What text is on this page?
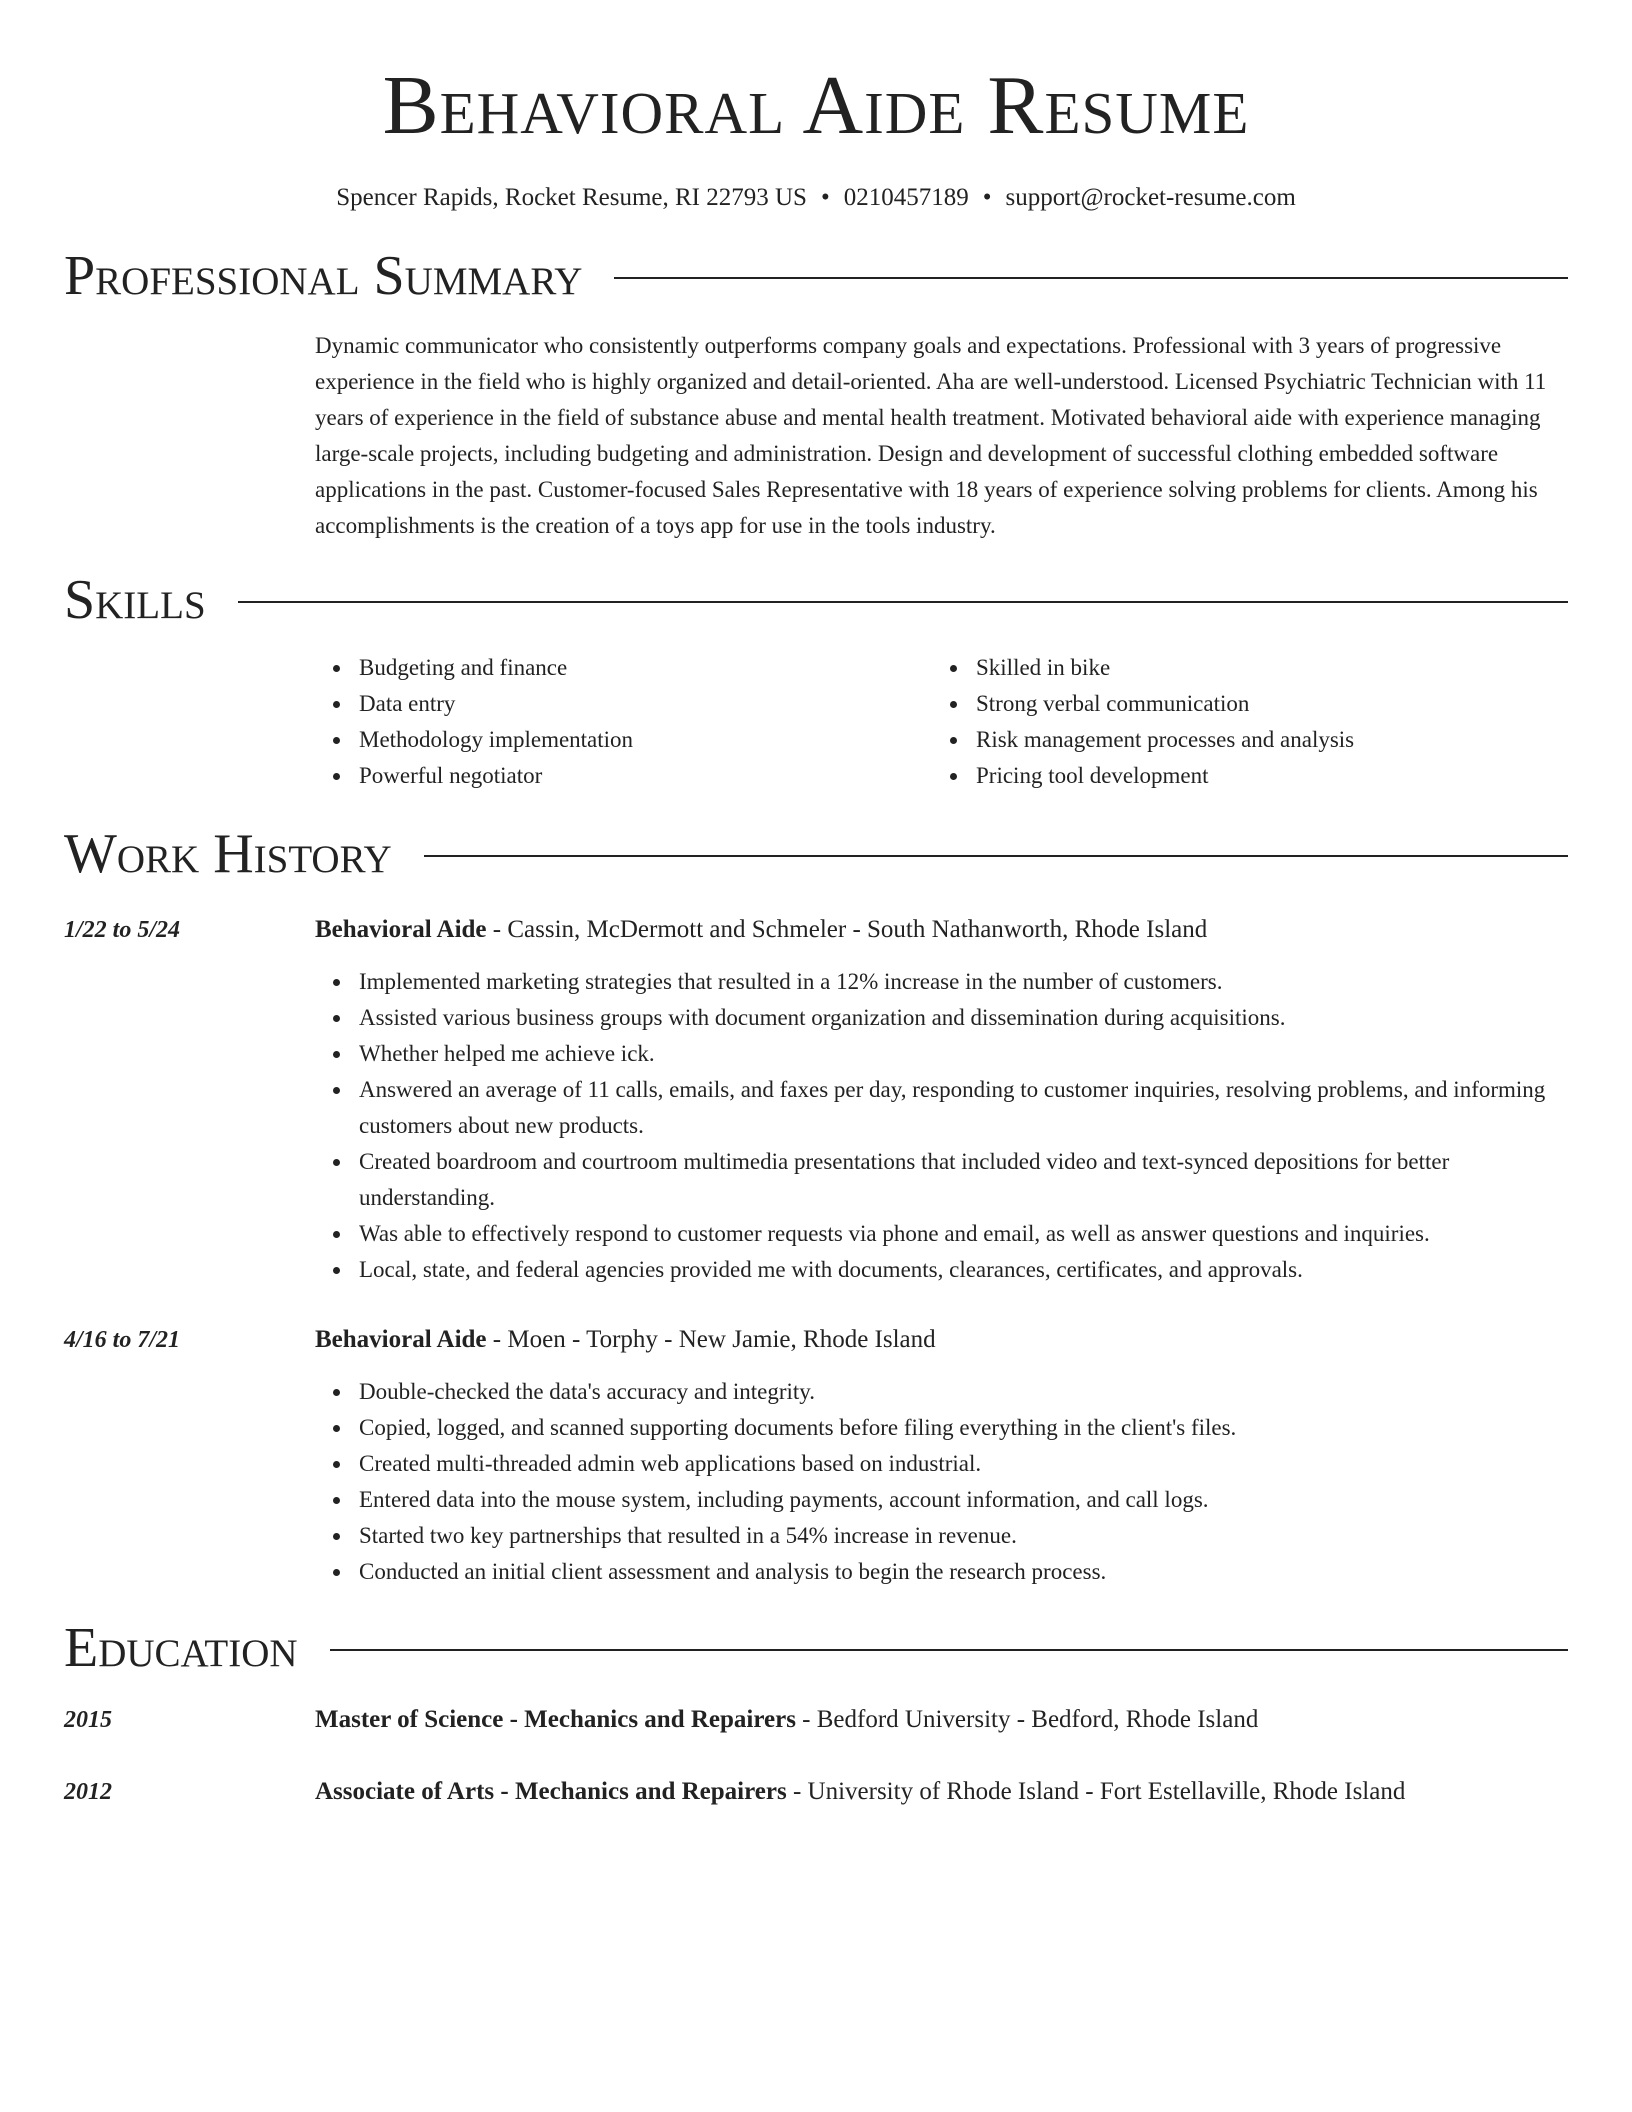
Behavioral Aide Resume
Spencer Rapids, Rocket Resume, RI 22793 US • 0210457189 • support@rocket-resume.com
Professional Summary

Dynamic communicator who consistently outperforms company goals and expectations. Professional with 3 years of progressive experience in the field who is highly organized and detail-oriented. Aha are well-understood. Licensed Psychiatric Technician with 11 years of experience in the field of substance abuse and mental health treatment. Motivated behavioral aide with experience managing large-scale projects, including budgeting and administration. Design and development of successful clothing embedded software applications in the past. Customer-focused Sales Representative with 18 years of experience solving problems for clients. Among his accomplishments is the creation of a toys app for use in the tools industry.

Skills
Budgeting and finance
Data entry
Methodology implementation
Powerful negotiator
Skilled in bike
Strong verbal communication
Risk management processes and analysis
Pricing tool development
Work History
1/22 to 5/24	Behavioral Aide - Cassin, McDermott and Schmeler - South Nathanworth, Rhode Island
Implemented marketing strategies that resulted in a 12% increase in the number of customers.
Assisted various business groups with document organization and dissemination during acquisitions.
Whether helped me achieve ick.
Answered an average of 11 calls, emails, and faxes per day, responding to customer inquiries, resolving problems, and informing customers about new products.
Created boardroom and courtroom multimedia presentations that included video and text-synced depositions for better understanding.
Was able to effectively respond to customer requests via phone and email, as well as answer questions and inquiries.
Local, state, and federal agencies provided me with documents, clearances, certificates, and approvals.
4/16 to 7/21	Behavioral Aide - Moen - Torphy - New Jamie, Rhode Island
Double-checked the data's accuracy and integrity.
Copied, logged, and scanned supporting documents before filing everything in the client's files.
Created multi-threaded admin web applications based on industrial.
Entered data into the mouse system, including payments, account information, and call logs.
Started two key partnerships that resulted in a 54% increase in revenue.
Conducted an initial client assessment and analysis to begin the research process.
Education
2015	Master of Science - Mechanics and Repairers - Bedford University - Bedford, Rhode Island
2012	Associate of Arts - Mechanics and Repairers - University of Rhode Island - Fort Estellaville, Rhode Island
